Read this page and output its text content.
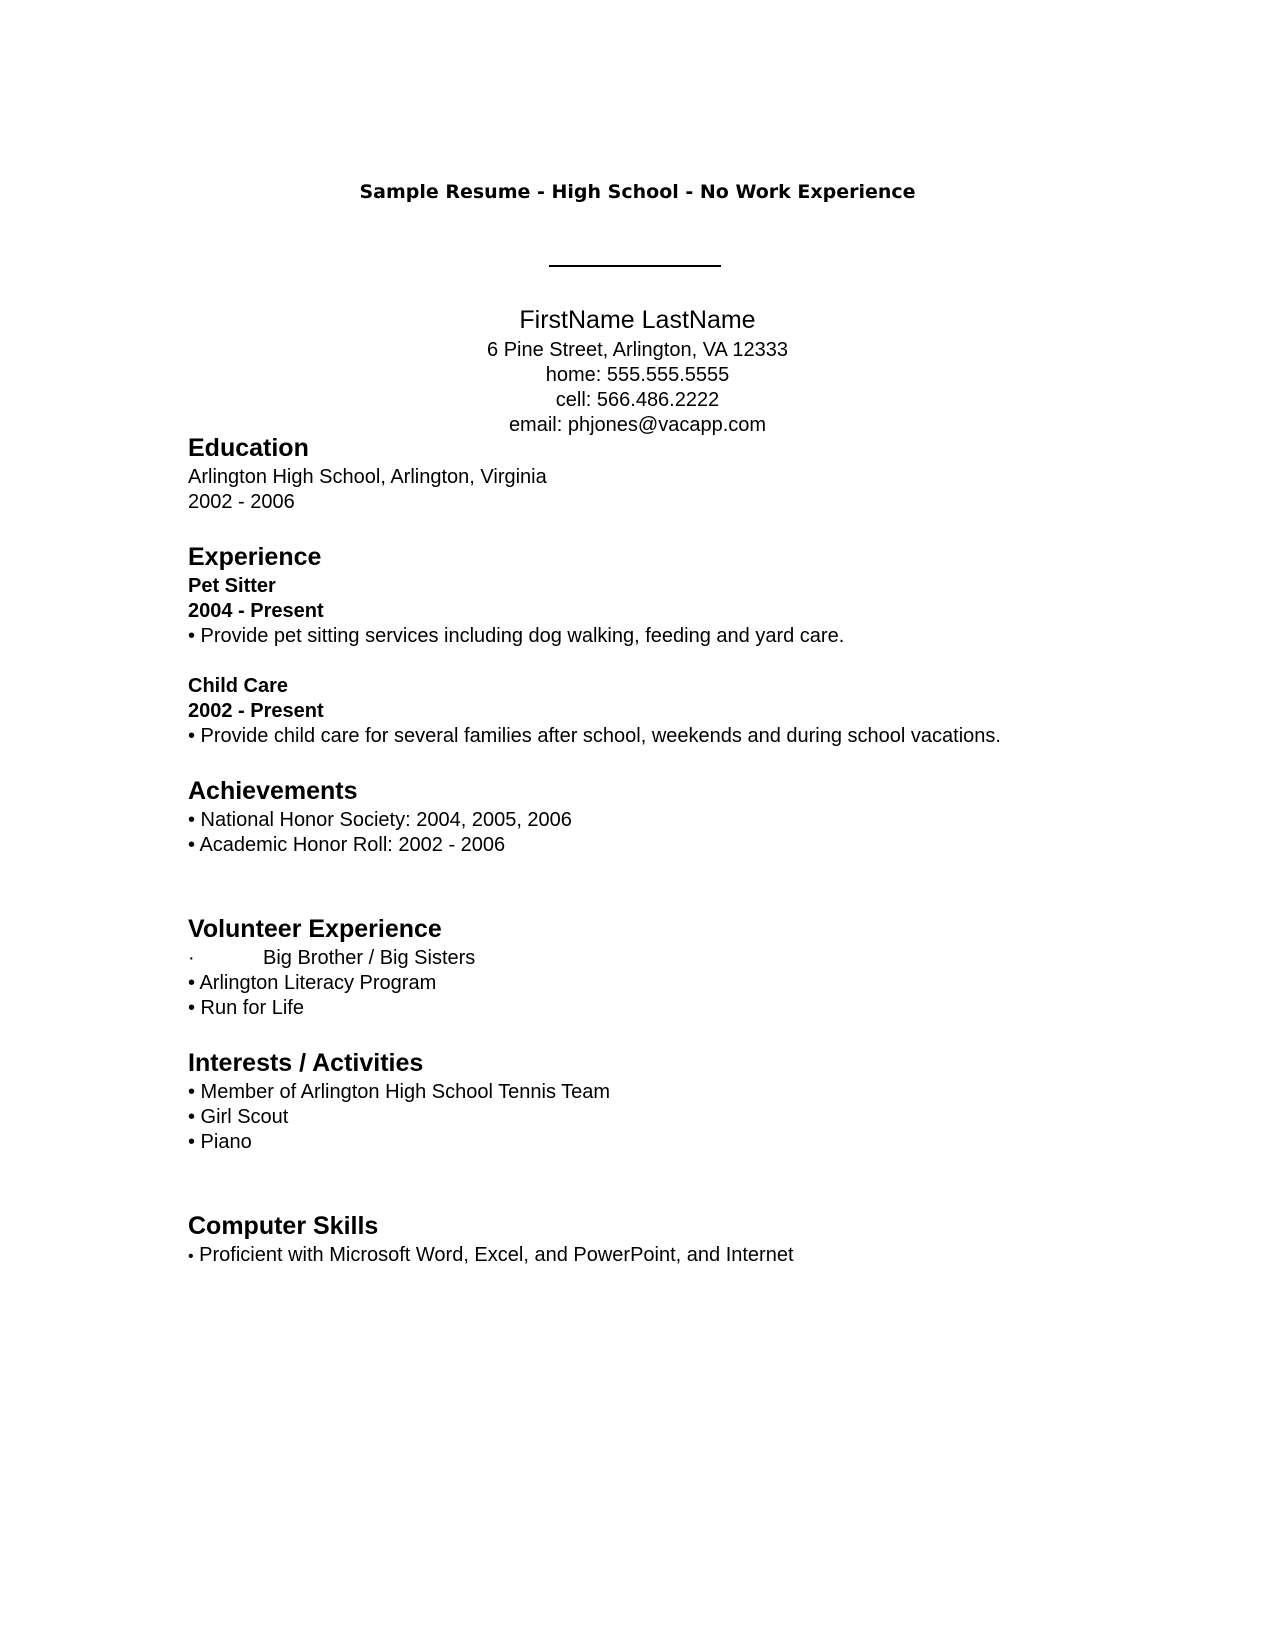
Sample Resume - High School - No Work Experience
FirstName LastName
6 Pine Street, Arlington, VA 12333
home: 555.555.5555
cell: 566.486.2222
email: phjones@vacapp.com
Education
Arlington High School, Arlington, Virginia
2002 - 2006
Experience
Pet Sitter
2004 - Present
• Provide pet sitting services including dog walking, feeding and yard care.
Child Care
2002 - Present
• Provide child care for several families after school, weekends and during school vacations.
Achievements
• National Honor Society: 2004, 2005, 2006
• Academic Honor Roll: 2002 - 2006
Volunteer Experience
·	Big Brother / Big Sisters
• Arlington Literacy Program
• Run for Life
Interests / Activities
• Member of Arlington High School Tennis Team
• Girl Scout
• Piano
Computer Skills
• Proficient with Microsoft Word, Excel, and PowerPoint, and Internet
